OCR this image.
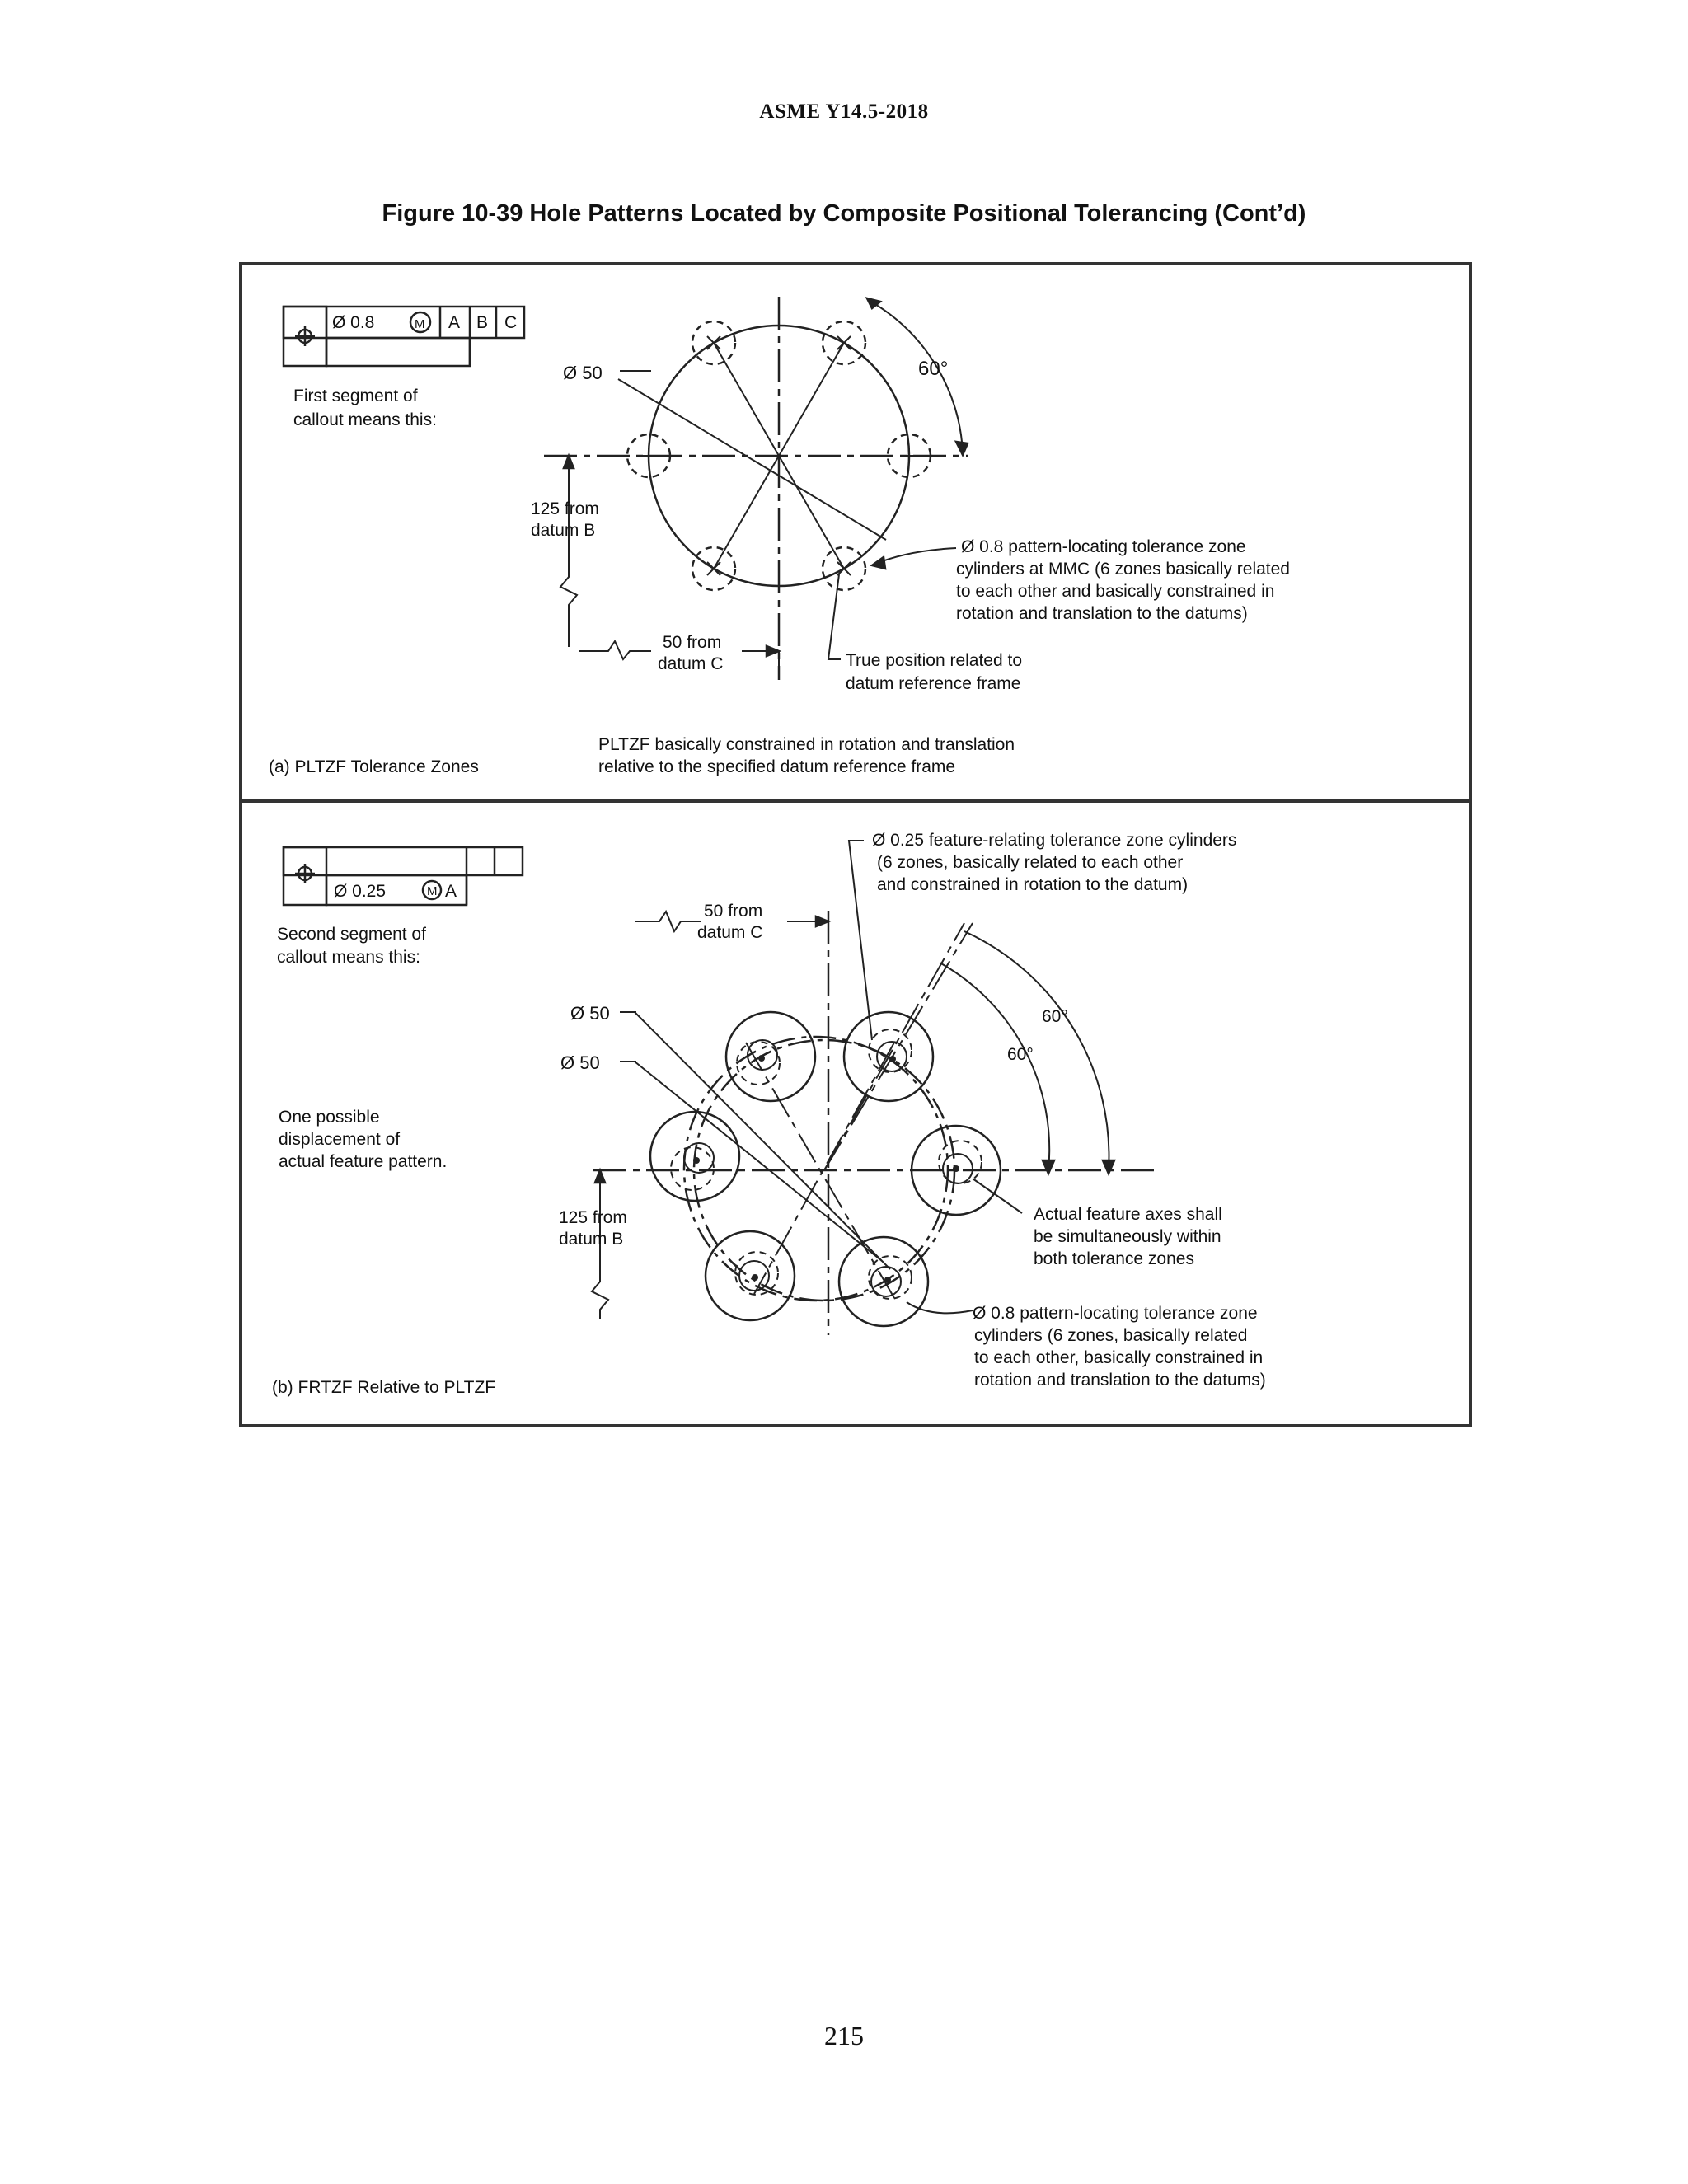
ASME Y14.5-2018
Figure 10-39 Hole Patterns Located by Composite Positional Tolerancing (Cont’d)
Ø 0.8	M A B C
First segment of
callout means this:
Ø 50	60°
125 from
datum B
50 from
datum C
Ø 0.8 pattern-locating tolerance zone
cylinders at MMC (6 zones basically related
to each other and basically constrained in
rotation and translation to the datums)
True position related to
datum reference frame
PLTZF basically constrained in rotation and translation
relative to the specified datum reference frame
(a) PLTZF Tolerance Zones
Ø 0.25	M A
Second segment of
callout means this:
Ø 0.25 feature-relating tolerance zone cylinders
(6 zones, basically related to each other
and constrained in rotation to the datum)
50 from
datum C
Ø 50
Ø 50
60°
60°
One possible
displacement of
actual feature pattern.
125 from
datum B
Actual feature axes shall
be simultaneously within
both tolerance zones
Ø 0.8 pattern-locating tolerance zone
cylinders (6 zones, basically related
to each other, basically constrained in
rotation and translation to the datums)
(b) FRTZF Relative to PLTZF
215
